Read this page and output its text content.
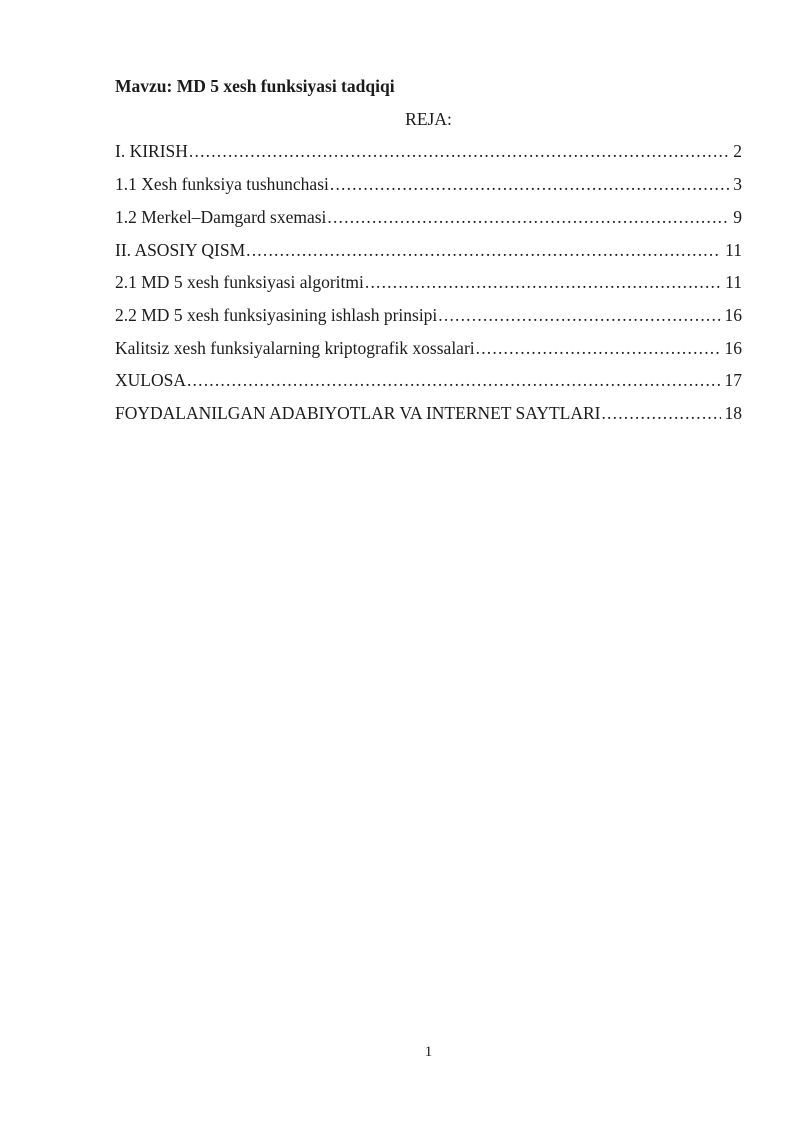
Mavzu: MD 5 xesh funksiyasi tadqiqi
REJA:
I. KIRISH .....	2
1.1 Xesh funksiya tushunchasi .....	3
1.2 Merkel–Damgard sxemasi .....	9
II. ASOSIY QISM .....	11
2.1 MD 5 xesh funksiyasi algoritmi .....	11
2.2 MD 5 xesh funksiyasining ishlash prinsipi .....	16
Kalitsiz xesh funksiyalarning kriptografik xossalari .....	16
XULOSA .....	17
FOYDALANILGAN ADABIYOTLAR VA INTERNET SAYTLARI .....	18
1
